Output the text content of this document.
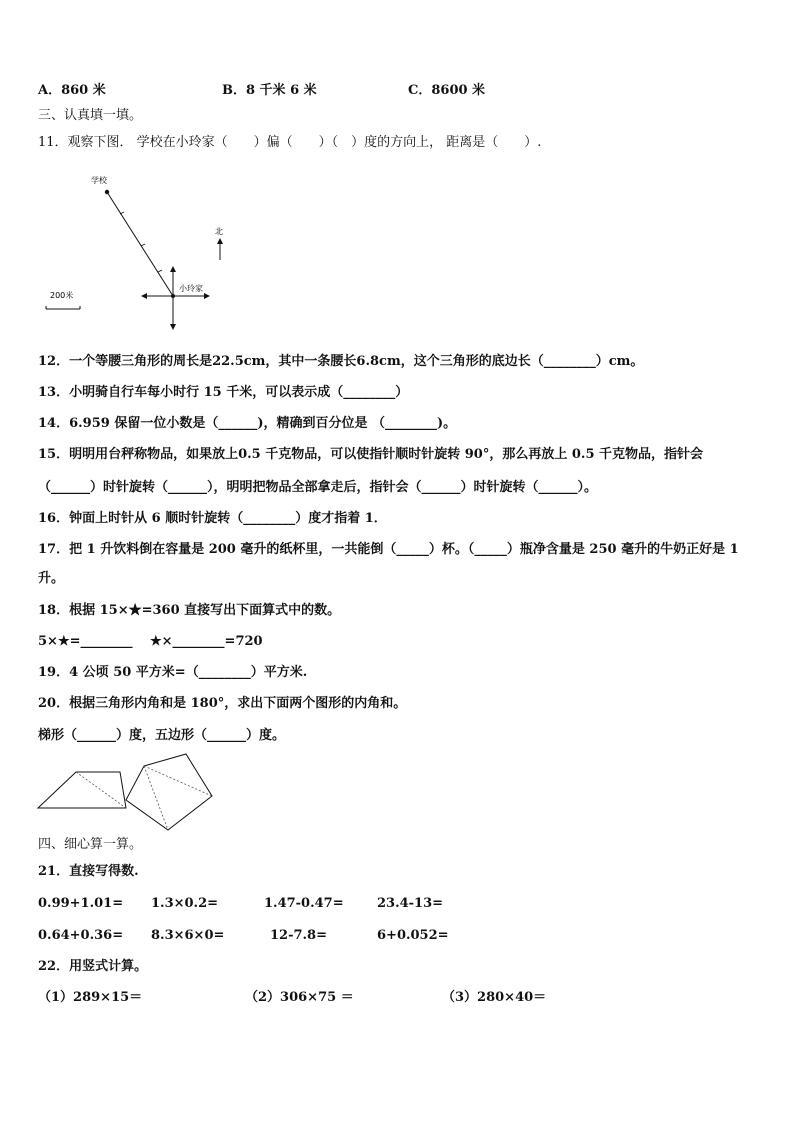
A．860 米	B．8 千米 6 米	C．8600 米
三、认真填一填。
11．观察下图． 学校在小玲家（　　）偏（　　）（　）度的方向上， 距离是（　　）.
学校
小玲家
北
200米
12．一个等腰三角形的周长是22.5cm，其中一条腰长6.8cm，这个三角形的底边长（________）cm。
13．小明骑自行车每小时行 15 千米，可以表示成（________）
14．6.959 保留一位小数是（______)，精确到百分位是 （________)。
15．明明用台秤称物品，如果放上0.5 千克物品，可以使指针顺时针旋转 90°，那么再放上 0.5 千克物品，指针会
（______）时针旋转（______），明明把物品全部拿走后，指针会（______）时针旋转（______）。
16．钟面上时针从 6 顺时针旋转（________）度才指着 1．
17．把 1 升饮料倒在容量是 200 毫升的纸杯里，一共能倒（_____）杯。（_____）瓶净含量是 250 毫升的牛奶正好是 1
升。
18．根据 15×★=360 直接写出下面算式中的数。
5×★=________　 ★×________=720
19．4 公顷 50 平方米=（________）平方米.
20．根据三角形内角和是 180°，求出下面两个图形的内角和。
梯形（______）度，五边形（______）度。
四、细心算一算。
21．直接写得数.
0.99+1.01= 1.3×0.2=	1.47-0.47=	23.4-13=
0.64+0.36= 8.3×6×0=	12-7.8=	6+0.052=
22．用竖式计算。
（1）289×15＝	（2）306×75 ＝	（3）280×40＝
